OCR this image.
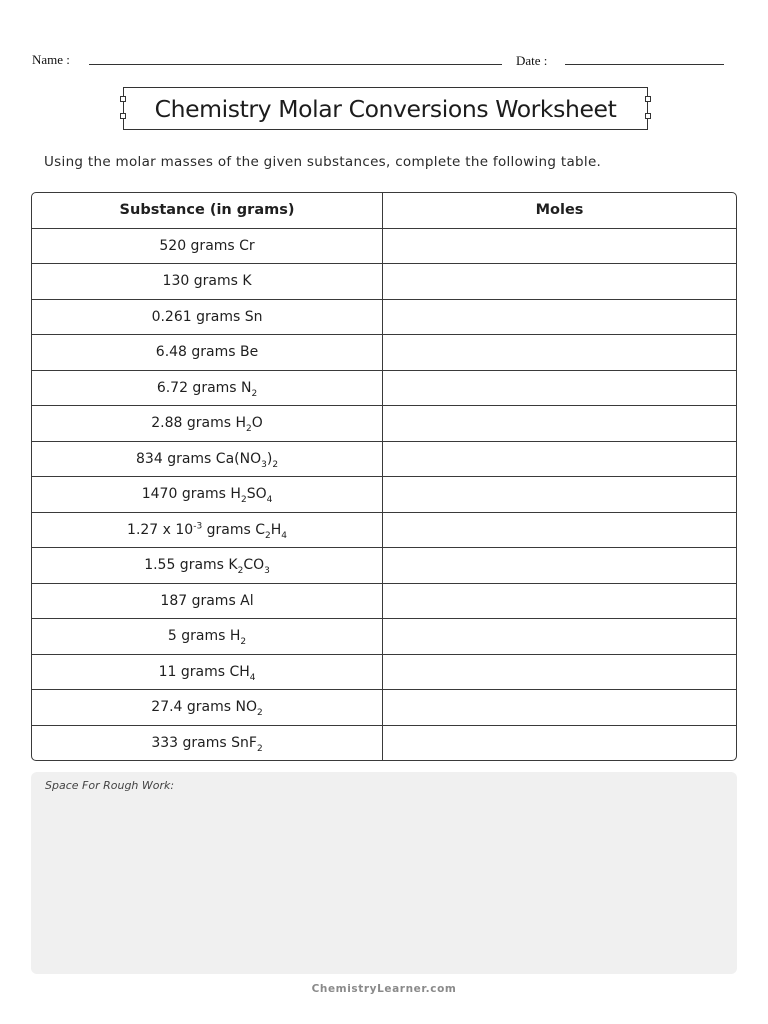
Name :	Date :
Chemistry Molar Conversions Worksheet
Using the molar masses of the given substances, complete the following table.
Substance (in grams)	Moles
520 grams Cr	
130 grams K	
0.261 grams Sn	
6.48 grams Be	
6.72 grams $N_2$	
2.88 grams $H_2O$	
834 grams $Ca(NO_3)_2$	
1470 grams $H_2SO_4$	
1.27 x $10^{-3}$ grams $C_2H_4$	
1.55 grams $K_2CO_3$	
187 grams Al	
5 grams $H_2$	
11 grams $CH_4$	
27.4 grams $NO_2$	
333 grams SnF$_2$	
Space For Rough Work:
ChemistryLearner.com
